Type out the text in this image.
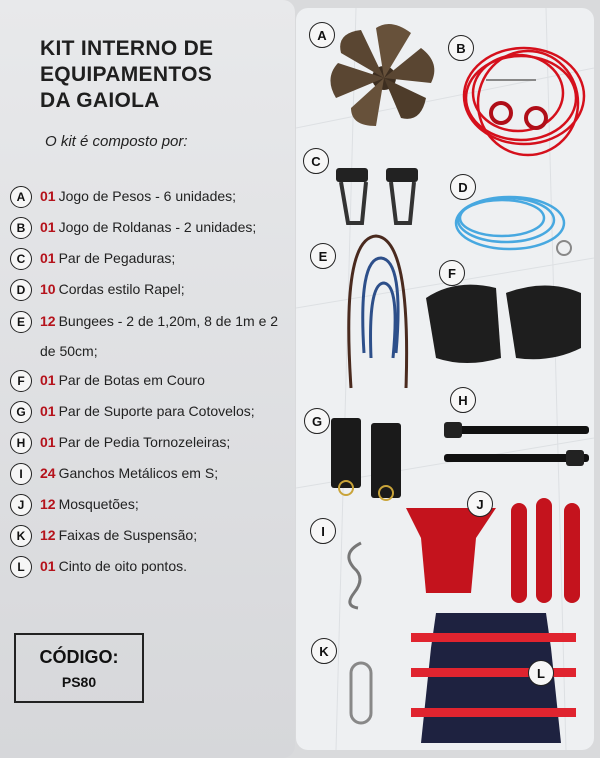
KIT INTERNO DE
EQUIPAMENTOS
DA GAIOLA
O kit é composto por:
A	01 Jogo de Pesos - 6 unidades;
B	01 Jogo de Roldanas - 2 unidades;
C	01 Par de Pegaduras;
D	10 Cordas estilo Rapel;
E	12 Bungees - 2 de 1,20m, 8 de 1m e 2 de 50cm;
F	01 Par de Botas em Couro
G	01 Par de Suporte para Cotovelos;
H	01 Par de Pedia Tornozeleiras;
I	24 Ganchos Metálicos em S;
J	12 Mosquetões;
K	12 Faixas de Suspensão;
L	01 Cinto de oito pontos.
CÓDIGO:
PS80
A
B
C
D
E
F
G
H
I
J
K
L
